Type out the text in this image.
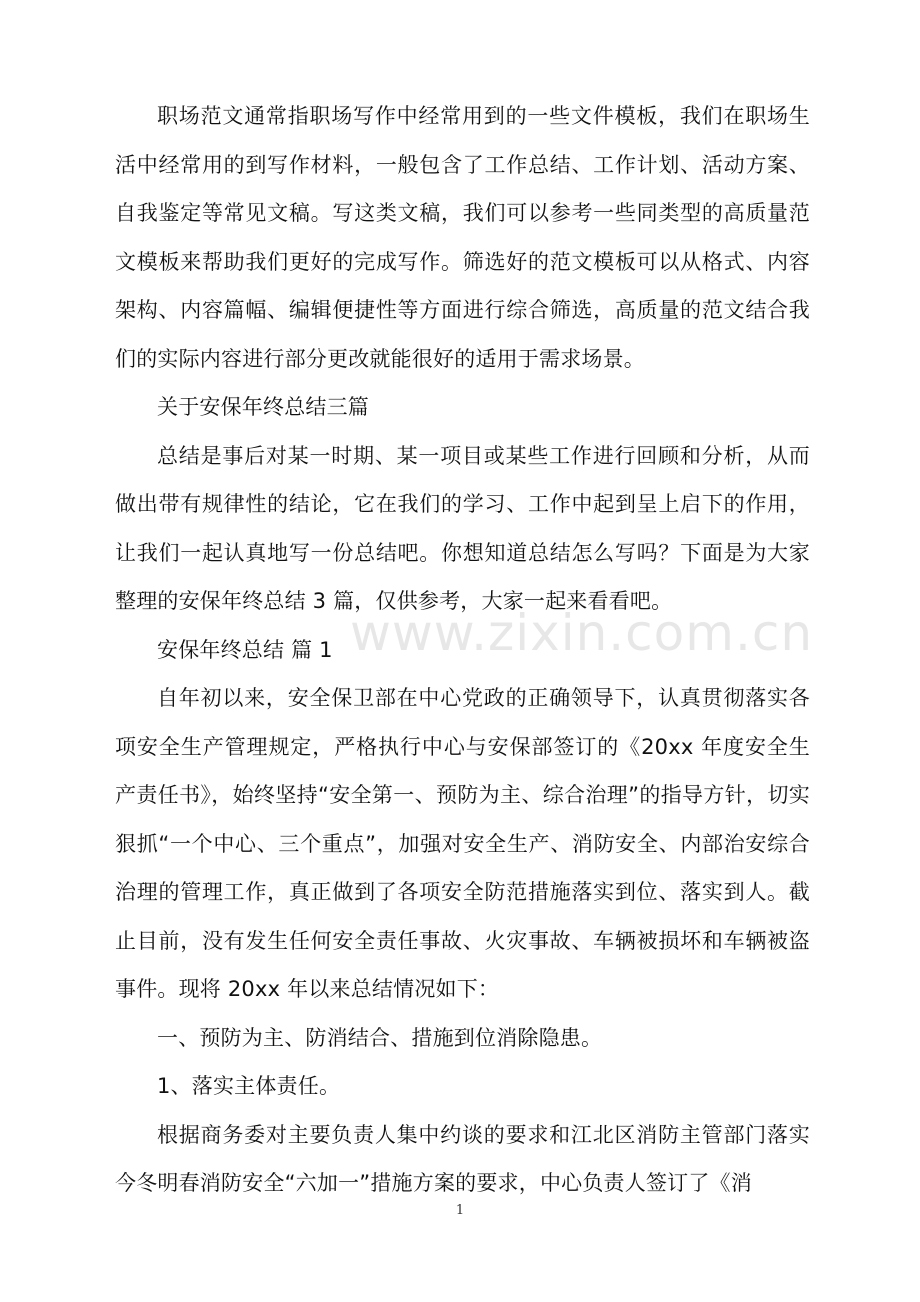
职场范文通常指职场写作中经常用到的一些文件模板，我们在职场生活中经常用的到写作材料，一般包含了工作总结、工作计划、活动方案、自我鉴定等常见文稿。写这类文稿，我们可以参考一些同类型的高质量范文模板来帮助我们更好的完成写作。筛选好的范文模板可以从格式、内容架构、内容篇幅、编辑便捷性等方面进行综合筛选，高质量的范文结合我们的实际内容进行部分更改就能很好的适用于需求场景。

关于安保年终总结三篇

总结是事后对某一时期、某一项目或某些工作进行回顾和分析，从而做出带有规律性的结论，它在我们的学习、工作中起到呈上启下的作用，让我们一起认真地写一份总结吧。你想知道总结怎么写吗？下面是为大家整理的安保年终总结 3 篇，仅供参考，大家一起来看看吧。

安保年终总结 篇 1

自年初以来，安全保卫部在中心党政的正确领导下，认真贯彻落实各项安全生产管理规定，严格执行中心与安保部签订的《20xx 年度安全生产责任书》，始终坚持“安全第一、预防为主、综合治理”的指导方针，切实狠抓“一个中心、三个重点”，加强对安全生产、消防安全、内部治安综合治理的管理工作，真正做到了各项安全防范措施落实到位、落实到人。截止目前，没有发生任何安全责任事故、火灾事故、车辆被损坏和车辆被盗事件。现将 20xx 年以来总结情况如下：

一、预防为主、防消结合、措施到位消除隐患。

1、落实主体责任。

根据商务委对主要负责人集中约谈的要求和江北区消防主管部门落实今冬明春消防安全“六加一”措施方案的要求，中心负责人签订了《消

www.zixin.com.cn
1
